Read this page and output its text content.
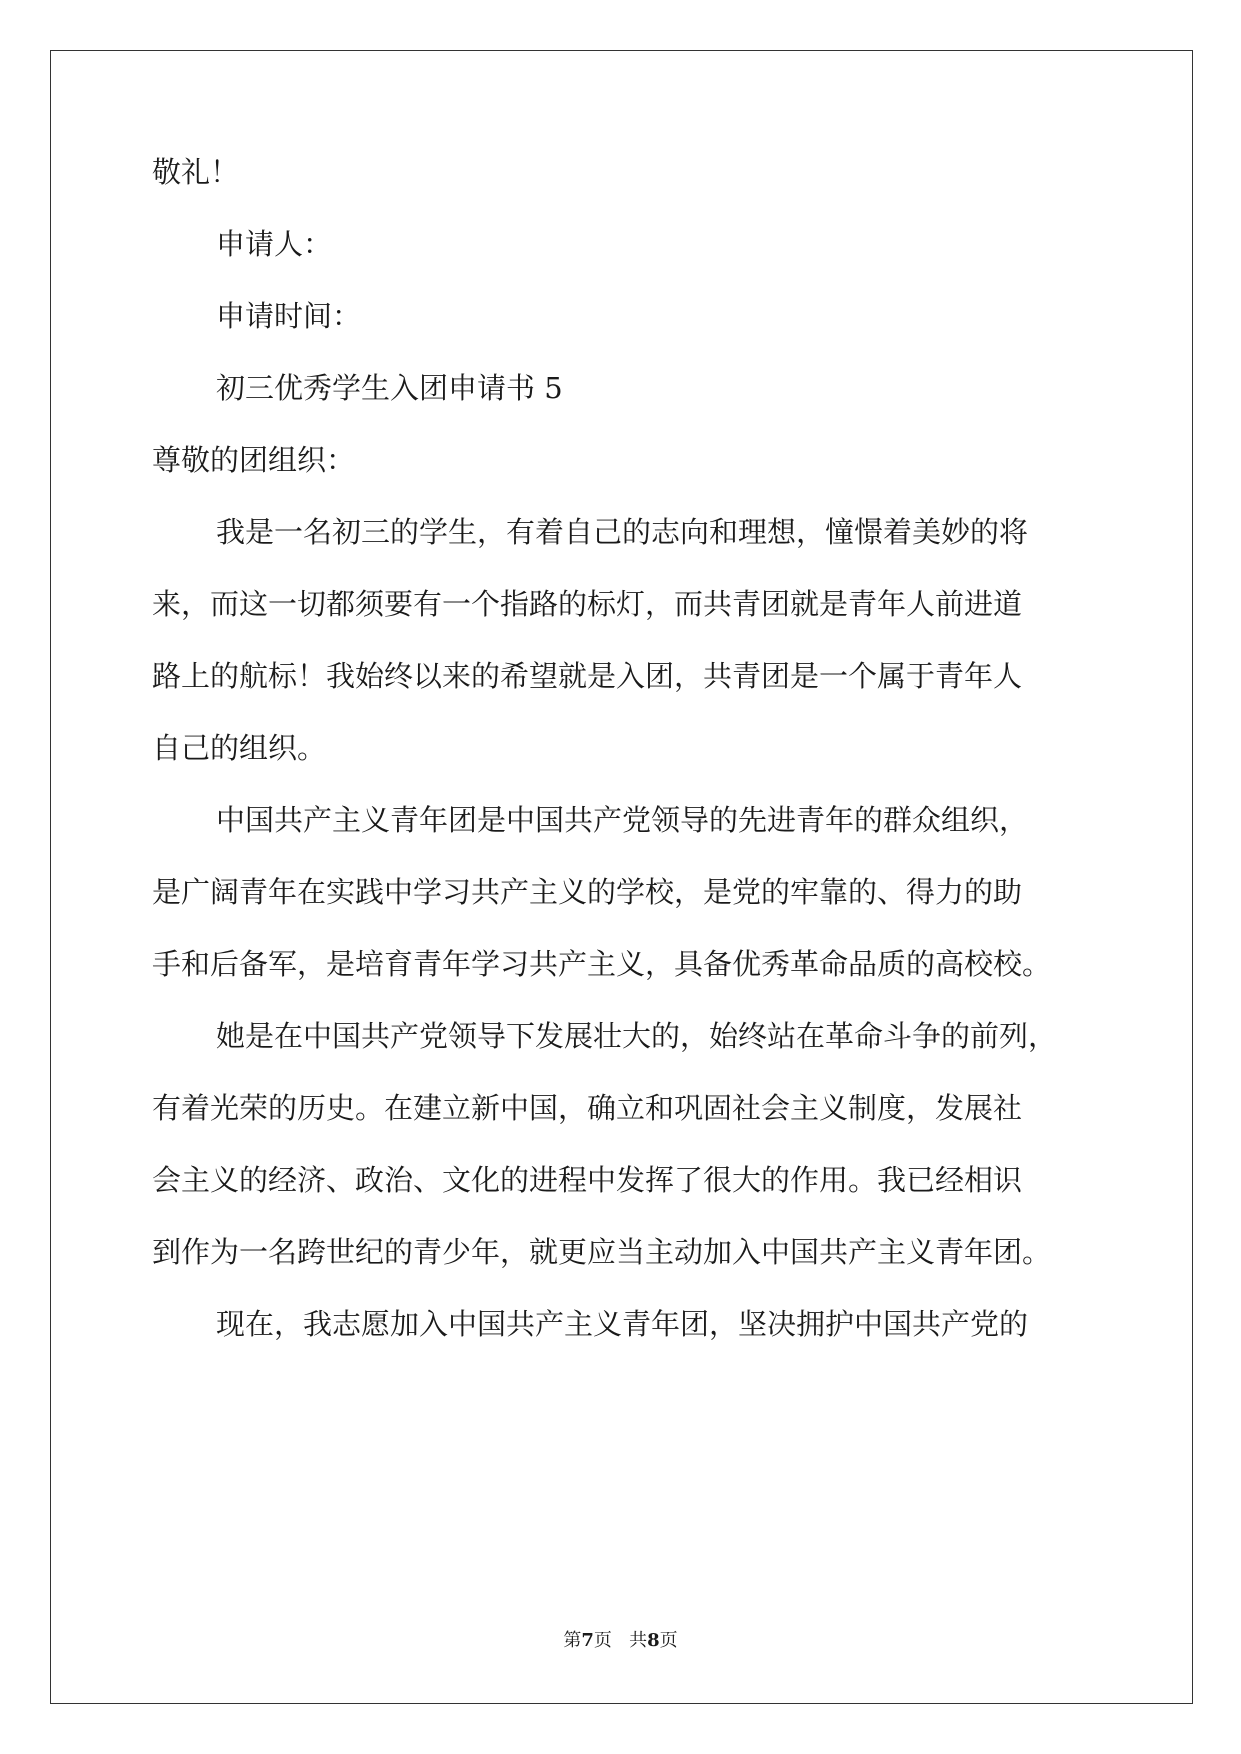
敬礼！
申请人：
申请时间：
初三优秀学生入团申请书 5
尊敬的团组织：
我是一名初三的学生，有着自己的志向和理想，憧憬着美妙的将
来，而这一切都须要有一个指路的标灯，而共青团就是青年人前进道
路上的航标！我始终以来的希望就是入团，共青团是一个属于青年人
自己的组织。
中国共产主义青年团是中国共产党领导的先进青年的群众组织，
是广阔青年在实践中学习共产主义的学校，是党的牢靠的、得力的助
手和后备军，是培育青年学习共产主义，具备优秀革命品质的高校校。
她是在中国共产党领导下发展壮大的，始终站在革命斗争的前列，
有着光荣的历史。在建立新中国，确立和巩固社会主义制度，发展社
会主义的经济、政治、文化的进程中发挥了很大的作用。我已经相识
到作为一名跨世纪的青少年，就更应当主动加入中国共产主义青年团。
现在，我志愿加入中国共产主义青年团，坚决拥护中国共产党的
第7页 共8页
